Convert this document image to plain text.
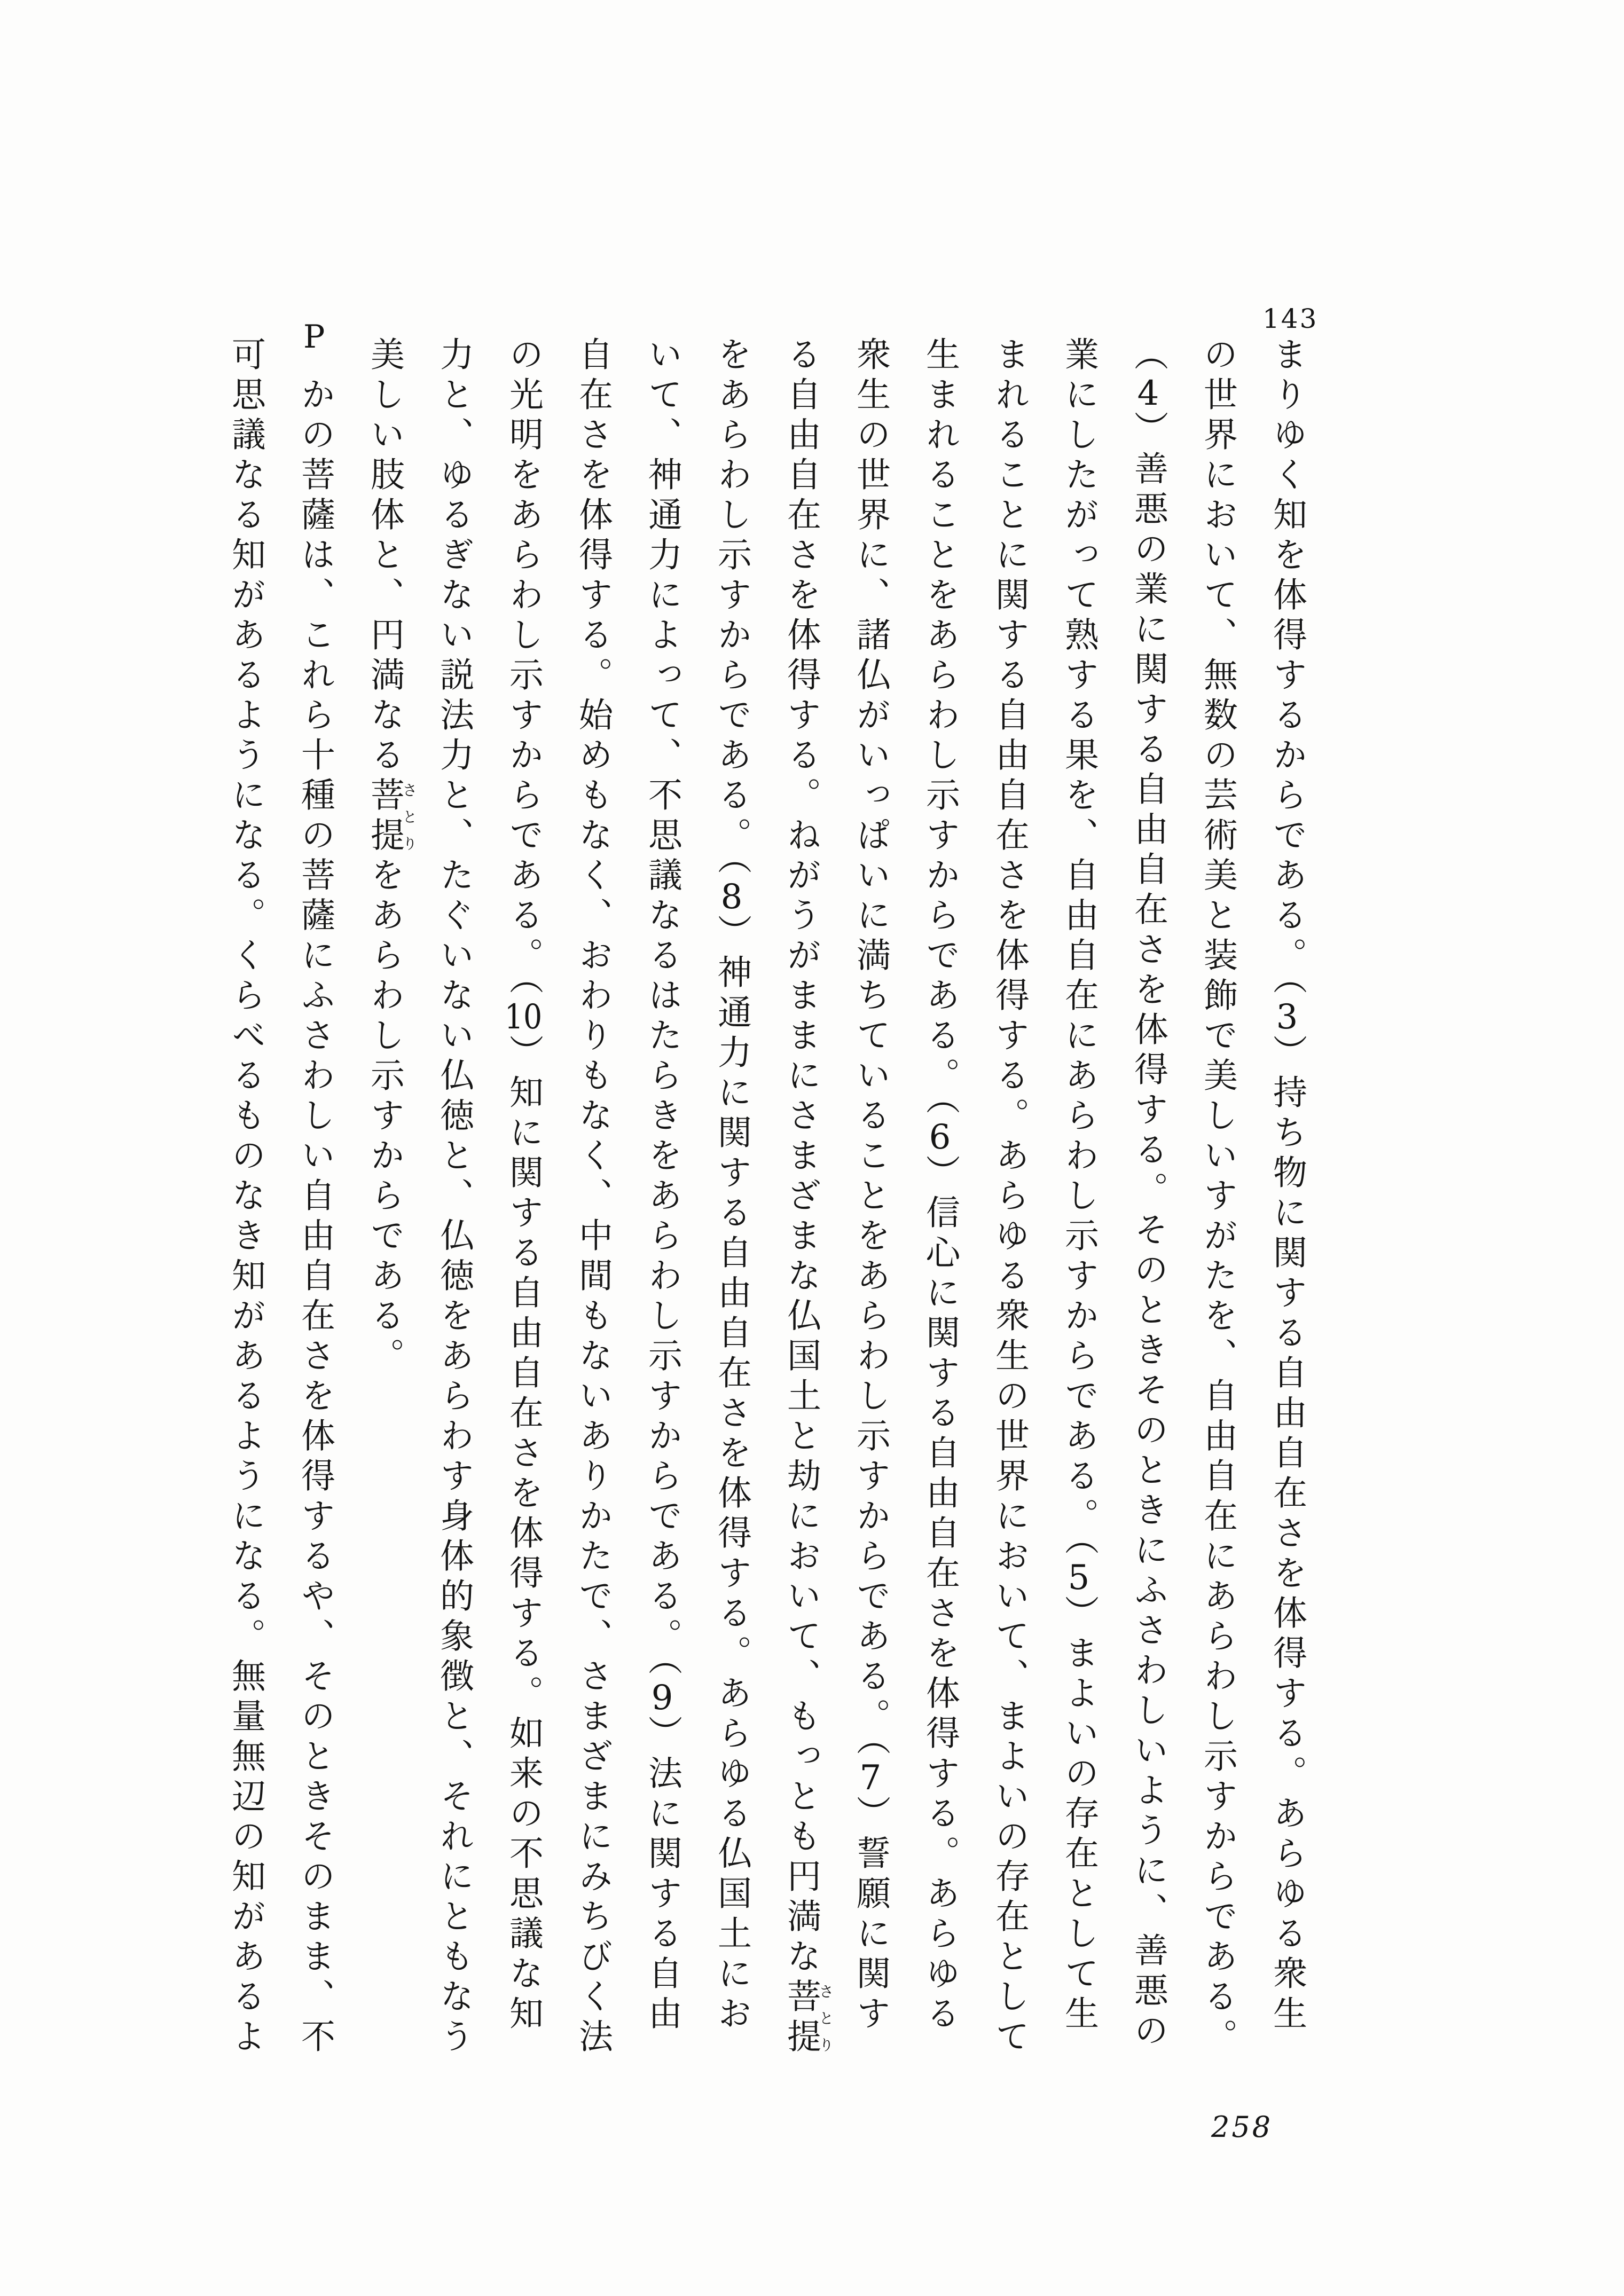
143
P	まりゆく知を体得するからである。（3）持ち物に関する自由自在さを体得する。あらゆる衆生

の世界において、無数の芸術美と装飾で美しいすがたを、自由自在にあらわし示すからである。

（4）善悪の業に関する自由自在さを体得する。そのときそのときにふさわしいように、善悪の

業にしたがって熟する果を、自由自在にあらわし示すからである。（5）まよいの存在として生

まれることに関する自由自在さを体得する。あらゆる衆生の世界において、まよいの存在として

生まれることをあらわし示すからである。（6）信心に関する自由自在さを体得する。あらゆる

衆生の世界に、諸仏がいっぱいに満ちていることをあらわし示すからである。（7）誓願に関す

る自由自在さを体得する。ねがうがままにさまざまな仏国土と劫において、もっとも円満な菩提さとり

をあらわし示すからである。（8）神通力に関する自由自在さを体得する。あらゆる仏国土にお

いて、神通力によって、不思議なるはたらきをあらわし示すからである。（9）法に関する自由

自在さを体得する。始めもなく、おわりもなく、中間もないありかたで、さまざまにみちびく法

の光明をあらわし示すからである。（10）知に関する自由自在さを体得する。如来の不思議な知

力と、ゆるぎない説法力と、たぐいない仏徳と、仏徳をあらわす身体的象徴と、それにともなう

美しい肢体と、円満なる菩提さとりをあらわし示すからである。

かの菩薩は、これら十種の菩薩にふさわしい自由自在さを体得するや、そのときそのまま、不

可思議なる知があるようになる。くらべるものなき知があるようになる。無量無辺の知があるよ

258
